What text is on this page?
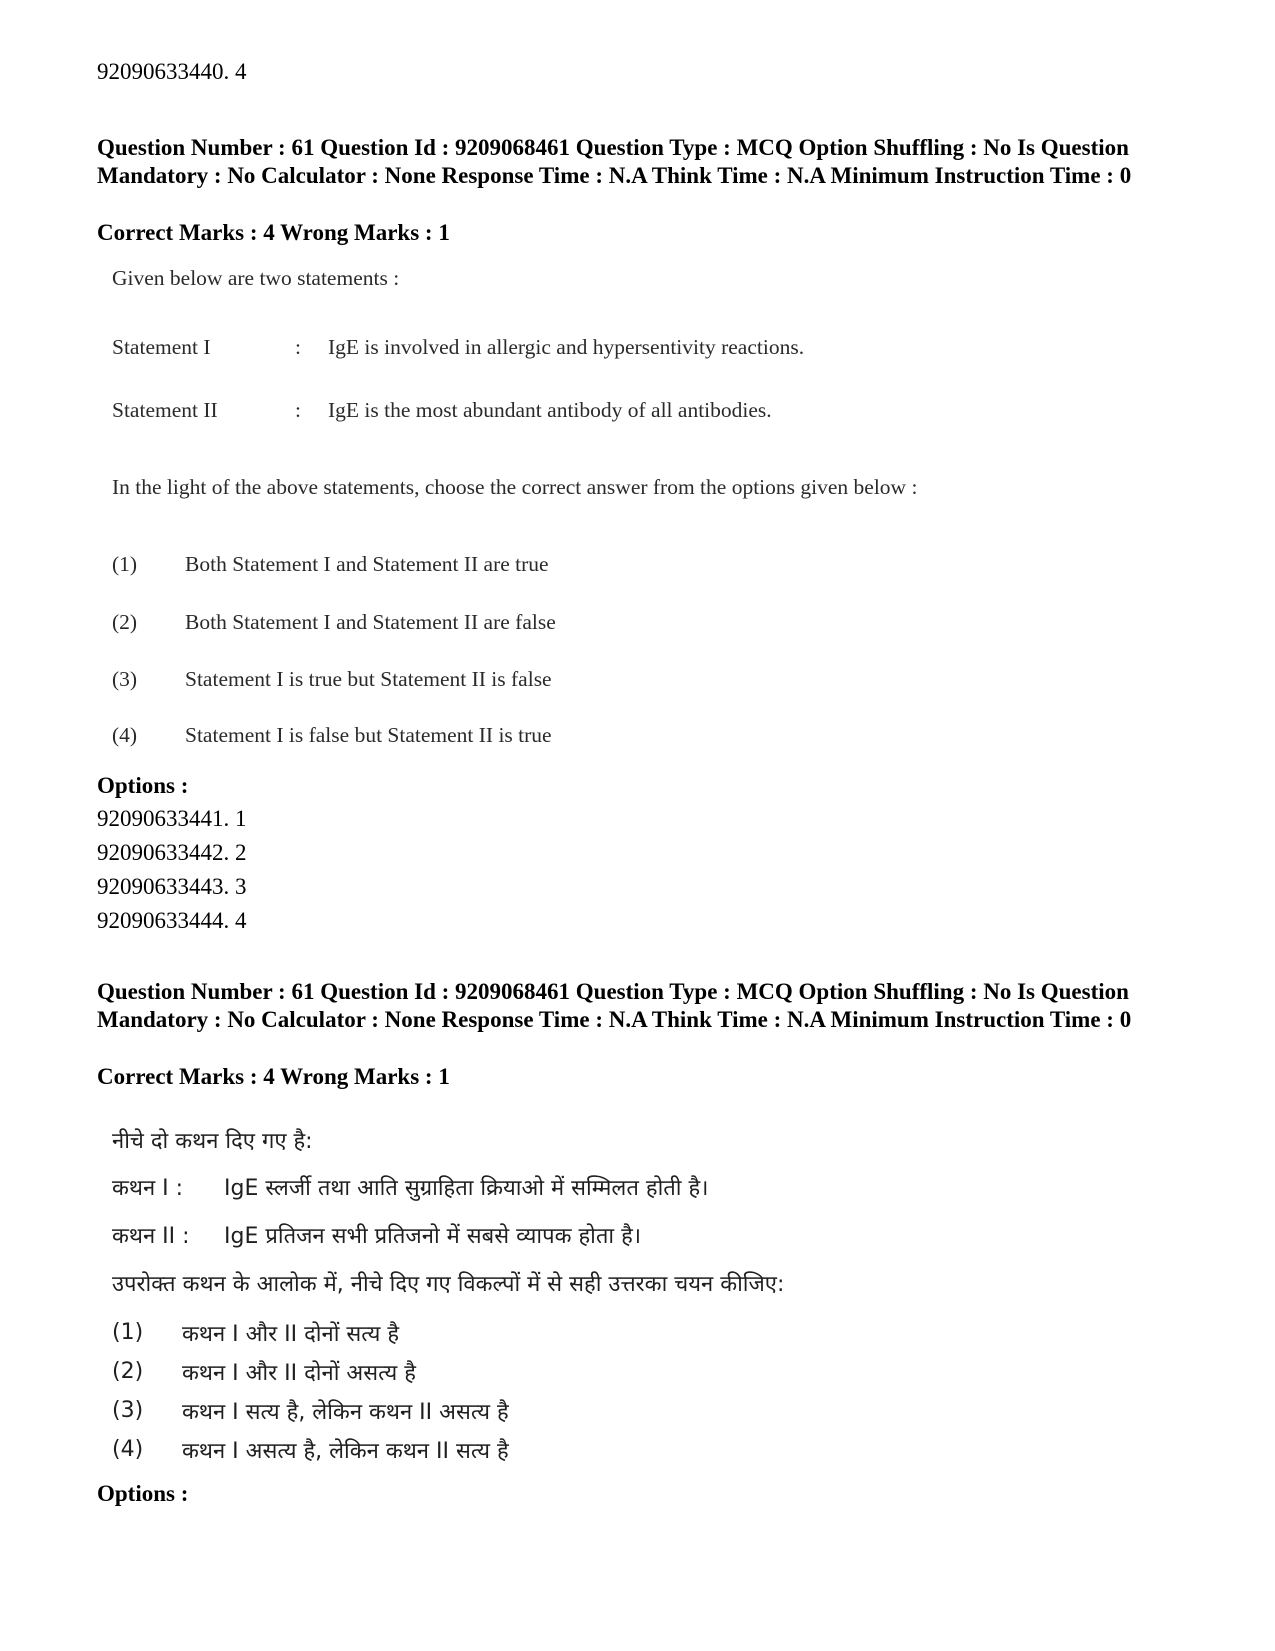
92090633440. 4
Question Number : 61 Question Id : 9209068461 Question Type : MCQ Option Shuffling : No Is Question Mandatory : No Calculator : None Response Time : N.A Think Time : N.A Minimum Instruction Time : 0
Correct Marks : 4 Wrong Marks : 1
Given below are two statements :
Statement I	: IgE is involved in allergic and hypersentivity reactions.
Statement II	: IgE is the most abundant antibody of all antibodies.
In the light of the above statements, choose the correct answer from the options given below :
(1) Both Statement I and Statement II are true
(2) Both Statement I and Statement II are false
(3) Statement I is true but Statement II is false
(4) Statement I is false but Statement II is true
Options :
92090633441. 1
92090633442. 2
92090633443. 3
92090633444. 4
Question Number : 61 Question Id : 9209068461 Question Type : MCQ Option Shuffling : No Is Question Mandatory : No Calculator : None Response Time : N.A Think Time : N.A Minimum Instruction Time : 0
Correct Marks : 4 Wrong Marks : 1
नीचे दो कथन दिए गए है:
कथन I : IgE स्लर्जी तथा आति सुग्राहिता क्रियाओ में सम्मिलत होती है।
कथन II : IgE प्रतिजन सभी प्रतिजनो में सबसे व्यापक होता है।
उपरोक्त कथन के आलोक में, नीचे दिए गए विकल्पों में से सही उत्तरका चयन कीजिए:
(1) कथन I और II दोनों सत्य है
(2) कथन I और II दोनों असत्य है
(3) कथन I सत्य है, लेकिन कथन II असत्य है
(4) कथन I असत्य है, लेकिन कथन II सत्य है
Options :
